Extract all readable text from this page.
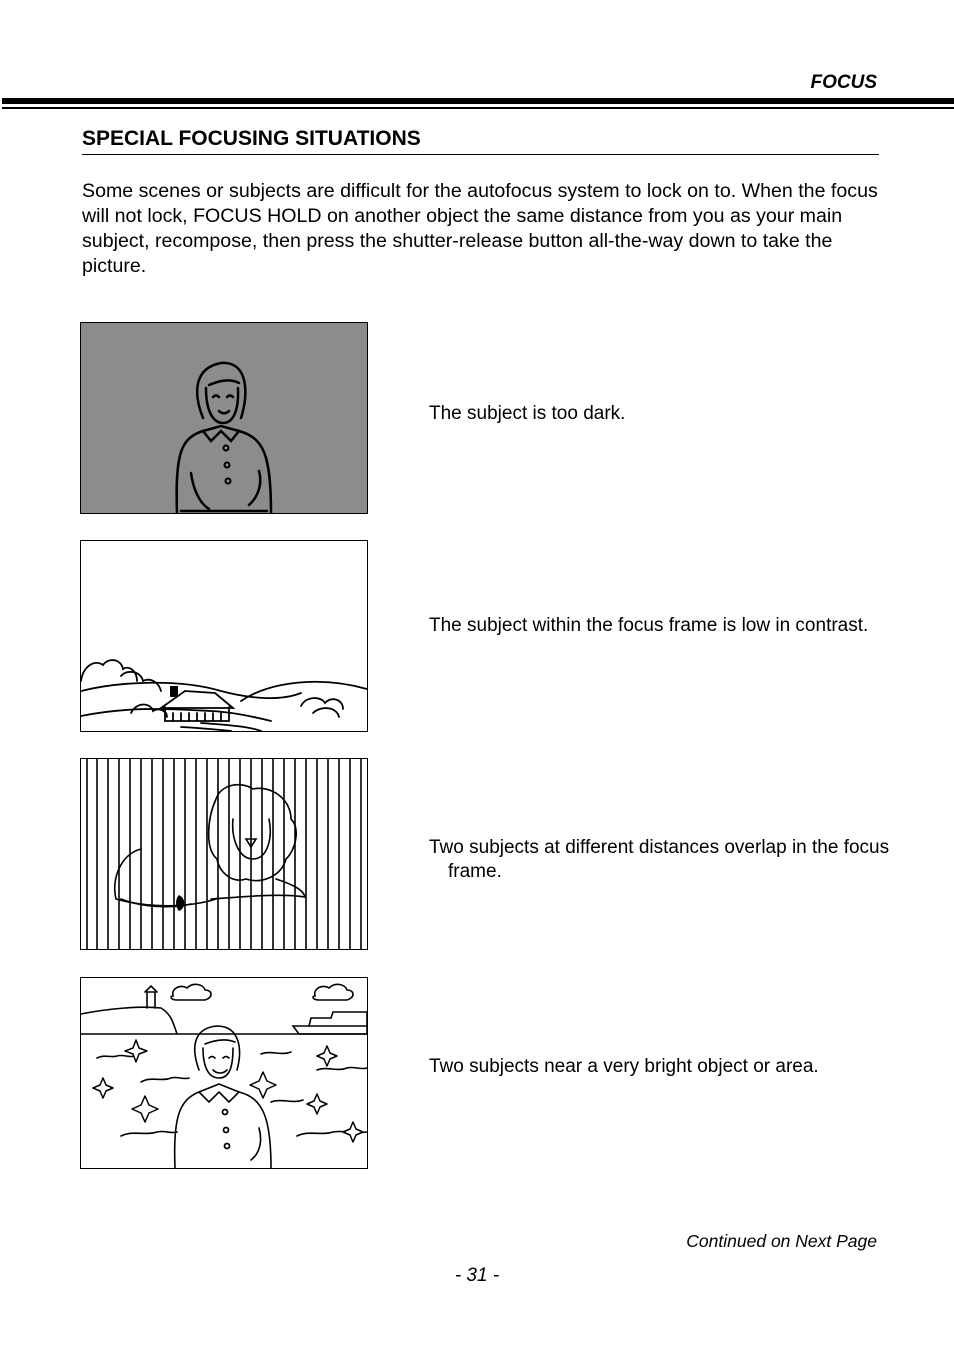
FOCUS
SPECIAL FOCUSING SITUATIONS

Some scenes or subjects are difficult for the autofocus system to lock on to. When the focus will not lock, FOCUS HOLD on another object the same distance from you as your main subject, recompose, then press the shutter-release button all-the-way down to take the picture.

The subject is too dark.

The subject within the focus frame is low in contrast.

Two subjects at different distances overlap in the focus frame.

Two subjects near a very bright object or area.

Continued on Next Page
- 31 -
